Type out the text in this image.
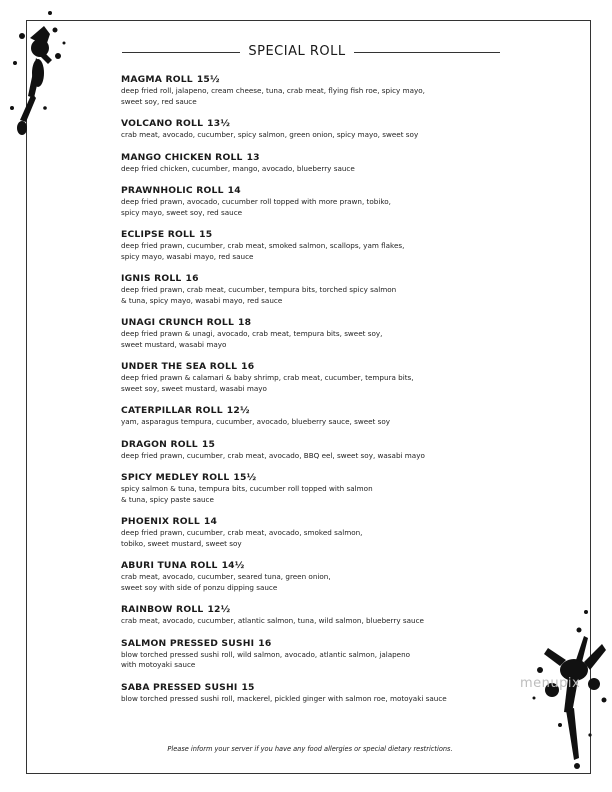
menupix
SPECIAL ROLL
MAGMA ROLL 15½
deep fried roll, jalapeno, cream cheese, tuna, crab meat, flying fish roe, spicy mayo,
sweet soy, red sauce
VOLCANO ROLL 13½
crab meat, avocado, cucumber, spicy salmon, green onion, spicy mayo, sweet soy
MANGO CHICKEN ROLL 13
deep fried chicken, cucumber, mango, avocado, blueberry sauce
PRAWNHOLIC ROLL 14
deep fried prawn, avocado, cucumber roll topped with more prawn, tobiko,
spicy mayo, sweet soy, red sauce
ECLIPSE ROLL 15
deep fried prawn, cucumber, crab meat, smoked salmon, scallops, yam flakes,
spicy mayo, wasabi mayo, red sauce
IGNIS ROLL 16
deep fried prawn, crab meat, cucumber, tempura bits, torched spicy salmon
& tuna, spicy mayo, wasabi mayo, red sauce
UNAGI CRUNCH ROLL 18
deep fried prawn & unagi, avocado, crab meat, tempura bits, sweet soy,
sweet mustard, wasabi mayo
UNDER THE SEA ROLL 16
deep fried prawn & calamari & baby shrimp, crab meat, cucumber, tempura bits,
sweet soy, sweet mustard, wasabi mayo
CATERPILLAR ROLL 12½
yam, asparagus tempura, cucumber, avocado, blueberry sauce, sweet soy
DRAGON ROLL 15
deep fried prawn, cucumber, crab meat, avocado, BBQ eel, sweet soy, wasabi mayo
SPICY MEDLEY ROLL 15½
spicy salmon & tuna, tempura bits, cucumber roll topped with salmon
& tuna, spicy paste sauce
PHOENIX ROLL 14
deep fried prawn, cucumber, crab meat, avocado, smoked salmon,
tobiko, sweet mustard, sweet soy
ABURI TUNA ROLL 14½
crab meat, avocado, cucumber, seared tuna, green onion,
sweet soy with side of ponzu dipping sauce
RAINBOW ROLL 12½
crab meat, avocado, cucumber, atlantic salmon, tuna, wild salmon, blueberry sauce
SALMON PRESSED SUSHI 16
blow torched pressed sushi roll, wild salmon, avocado, atlantic salmon, jalapeno
with motoyaki sauce
SABA PRESSED SUSHI 15
blow torched pressed sushi roll, mackerel, pickled ginger with salmon roe, motoyaki sauce
Please inform your server if you have any food allergies or special dietary restrictions.
